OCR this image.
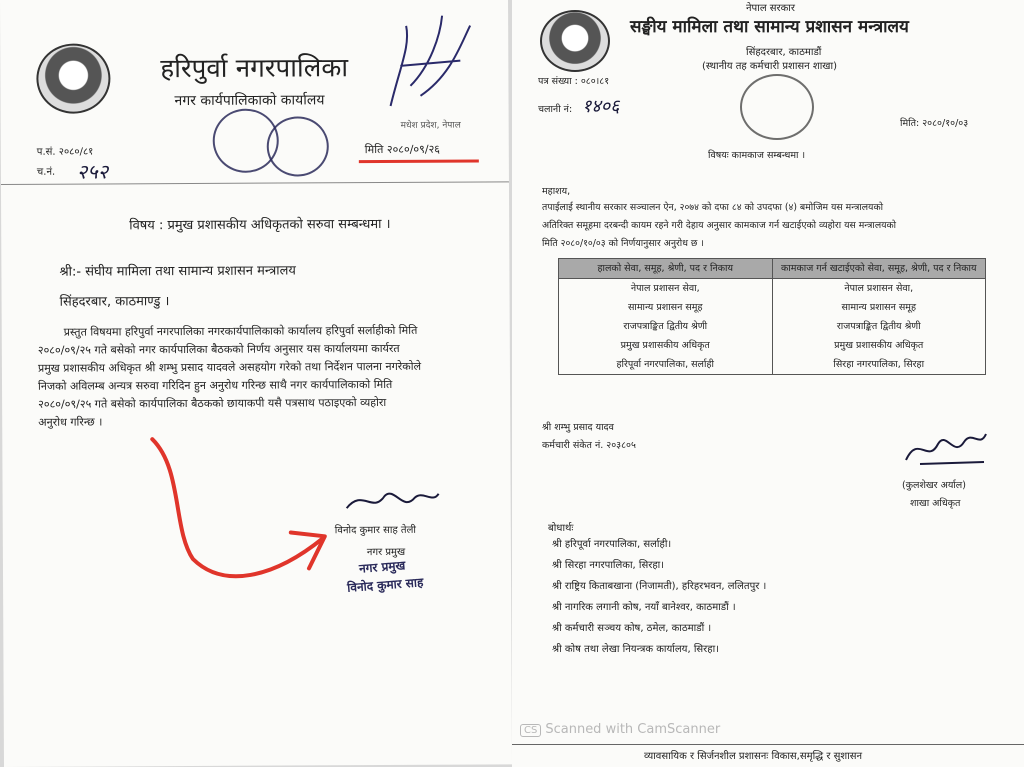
हरिपुर्वा नगरपालिका
नगर कार्यपालिकाको कार्यालय
मधेश प्रदेश, नेपाल
प.सं. २०८०/८१
च.नं. २५२
मिति २०८०/०९/२६
विषय : प्रमुख प्रशासकीय अधिकृतको सरुवा सम्बन्धमा ।
श्री:- संघीय मामिला तथा सामान्य प्रशासन मन्त्रालय
सिंहदरबार, काठमाण्डु ।

प्रस्तुत विषयमा हरिपुर्वा नगरपालिका नगरकार्यपालिकाको कार्यालय हरिपुर्वा सर्लाहीको मिति

२०८०/०९/२५ गते बसेको नगर कार्यपालिका बैठकको निर्णय अनुसार यस कार्यालयमा कार्यरत

प्रमुख प्रशासकीय अधिकृत श्री शम्भु प्रसाद यादवले असहयोग गरेको तथा निर्देशन पालना नगरेकोले

निजको अविलम्ब अन्यत्र सरुवा गरिदिन हुन अनुरोध गरिन्छ साथै नगर कार्यपालिकाको मिति

२०८०/०९/२५ गते बसेको कार्यपालिका बैठकको छायाकपी यसै पत्रसाथ पठाइएको व्यहोरा

अनुरोध गरिन्छ ।

विनोद कुमार साह तेली
नगर प्रमुख
नगर प्रमुख
विनोद कुमार साह
नेपाल सरकार
सङ्घीय मामिला तथा सामान्य प्रशासन मन्त्रालय
सिंहदरबार, काठमाडौं
(स्थानीय तह कर्मचारी प्रशासन शाखा)
पत्र संख्या : ०८०।८१
चलानी नं: १४०६
मिति: २०८०/१०/०३
विषयः कामकाज सम्बन्धमा ।
महाशय,
तपाईलाई स्थानीय सरकार सञ्चालन ऐन, २०७४ को दफा ८४ को उपदफा (४) बमोजिम यस मन्त्रालयको
अतिरिक्त समूहमा दरबन्दी कायम रहने गरी देहाय अनुसार कामकाज गर्न खटाईएको व्यहोरा यस मन्त्रालयको
मिति २०८०/१०/०३ को निर्णयानुसार अनुरोध छ ।
हालको सेवा, समूह, श्रेणी, पद र निकाय	कामकाज गर्न खटाईएको सेवा, समूह, श्रेणी, पद र निकाय
नेपाल प्रशासन सेवा,	नेपाल प्रशासन सेवा,
सामान्य प्रशासन समूह	सामान्य प्रशासन समूह
राजपत्राङ्कित द्वितीय श्रेणी	राजपत्राङ्कित द्वितीय श्रेणी
प्रमुख प्रशासकीय अधिकृत	प्रमुख प्रशासकीय अधिकृत
हरिपूर्वा नगरपालिका, सर्लाही	सिरहा नगरपालिका, सिरहा
श्री शम्भु प्रसाद यादव
कर्मचारी संकेत नं. २०३८०५
(कुलशेखर अर्याल)
शाखा अधिकृत
बोधार्थः
श्री हरिपूर्वा नगरपालिका, सर्लाही।
श्री सिरहा नगरपालिका, सिरहा।
श्री राष्ट्रिय किताबखाना (निजामती), हरिहरभवन, ललितपुर ।
श्री नागरिक लगानी कोष, नयाँ बानेश्वर, काठमाडौं ।
श्री कर्मचारी सञ्चय कोष, ठमेल, काठमाडौं ।
श्री कोष तथा लेखा नियन्त्रक कार्यालय, सिरहा।
CS Scanned with CamScanner
व्यावसायिक र सिर्जनशील प्रशासनः विकास,समृद्धि र सुशासन
